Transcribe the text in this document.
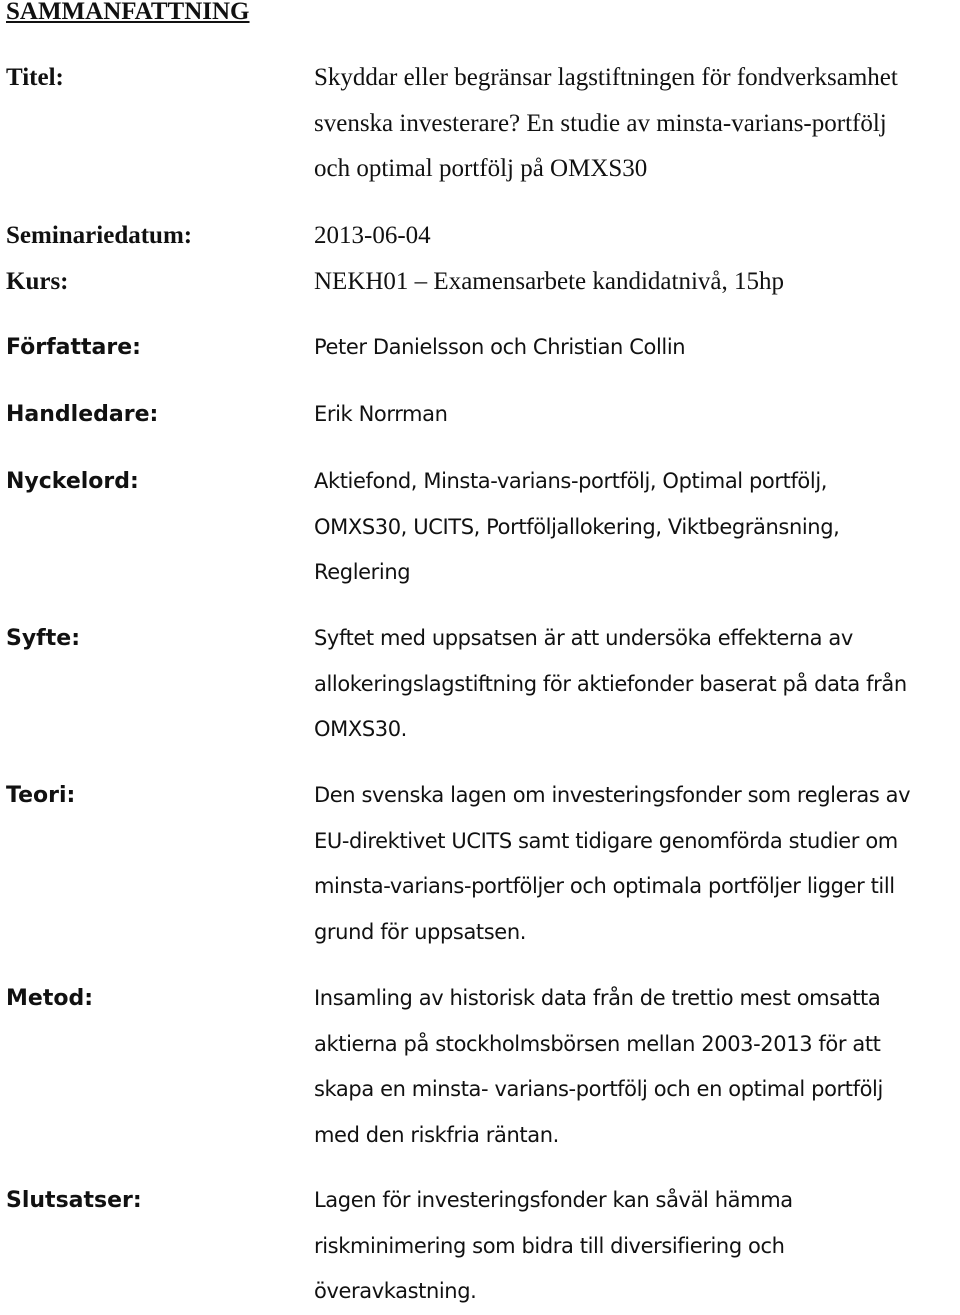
SAMMANFATTNING
Titel:	Skyddar eller begränsar lagstiftningen för fondverksamhet
svenska investerare? En studie av minsta-varians-portfölj
och optimal portfölj på OMXS30
Seminariedatum:	2013-06-04
Kurs:	NEKH01 – Examensarbete kandidatnivå, 15hp
Författare:	Peter Danielsson och Christian Collin
Handledare:	Erik Norrman
Nyckelord:	Aktiefond, Minsta-varians-portfölj, Optimal portfölj,
OMXS30, UCITS, Portföljallokering, Viktbegränsning,
Reglering
Syfte:	Syftet med uppsatsen är att undersöka effekterna av
allokeringslagstiftning för aktiefonder baserat på data från
OMXS30.
Teori:	Den svenska lagen om investeringsfonder som regleras av
EU-direktivet UCITS samt tidigare genomförda studier om
minsta-varians-portföljer och optimala portföljer ligger till
grund för uppsatsen.
Metod:	Insamling av historisk data från de trettio mest omsatta
aktierna på stockholmsbörsen mellan 2003-2013 för att
skapa en minsta- varians-portfölj och en optimal portfölj
med den riskfria räntan.
Slutsatser:	Lagen för investeringsfonder kan såväl hämma
riskminimering som bidra till diversifiering och
överavkastning.
